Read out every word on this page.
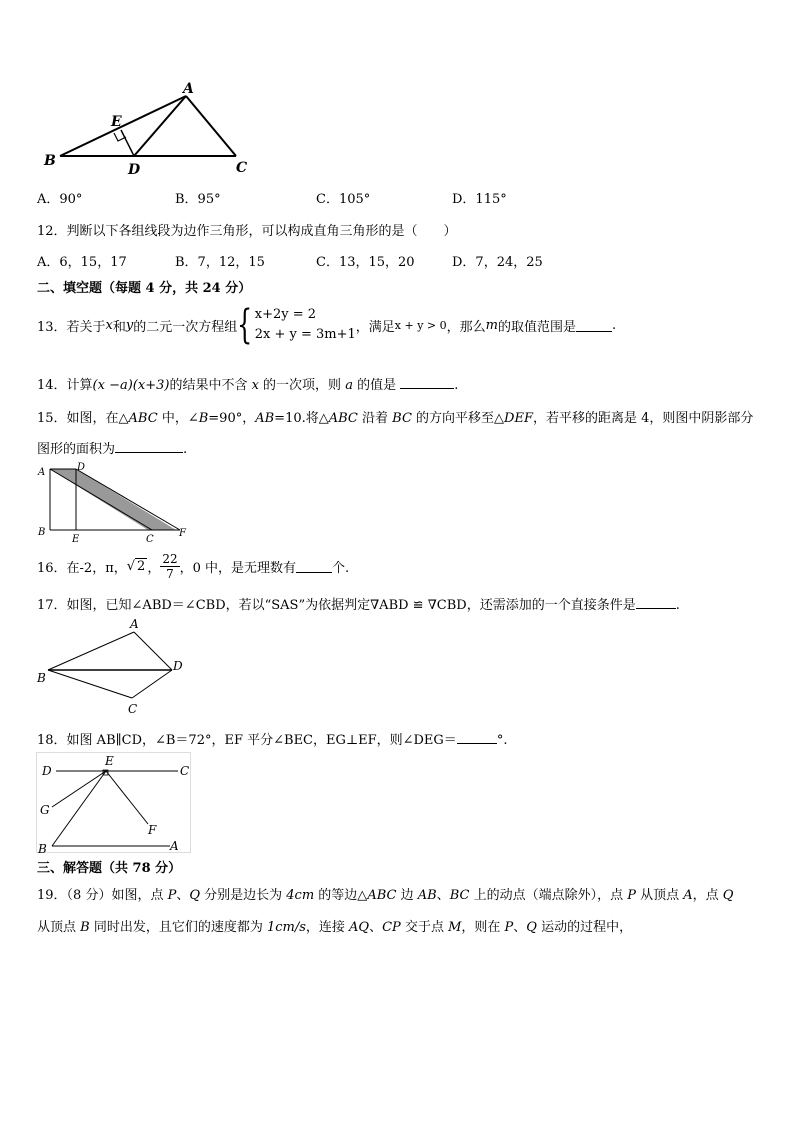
A
B	C
D
E
A．90°	B．95°	C．105°	D．115°
12．判断以下各组线段为边作三角形，可以构成直角三角形的是（　　）
A．6，15，17	B．7，12，15	C．13，15，20	D．7，24，25
二、填空题（每题 4 分，共 24 分）
13．若关于 x 和 y 的二元一次方程组 { x+2y = 2
2x + y = 3m+1 ，满足 x + y > 0 ，那么 m 的取值范围是	.
14．计算(x −a)(x+3)的结果中不含 x 的一次项，则 a 的值是	.
15．如图，在△ABC 中，∠B=90°，AB=10.将△ABC 沿着 BC 的方向平移至△DEF，若平移的距离是 4，则图中阴影部分
图形的面积为	.
A	D
B
E	C
F
16．在-2，π， √ 2 ， $\frac{22}{7}$ ，0 中，是无理数有	个.
17．如图，已知∠ABD＝∠CBD，若以“SAS”为依据判定∇ABD ≌ ∇CBD，还需添加的一个直接条件是	.
A
B
C
D
18．如图 AB∥CD，∠B＝72°，EF 平分∠BEC，EG⊥EF，则∠DEG＝	°.
D
E
C
G
F
B	A
三、解答题（共 78 分）
19．（8 分）如图，点 P、Q 分别是边长为 4cm 的等边△ABC 边 AB、BC 上的动点（端点除外），点 P 从顶点 A，点 Q
从顶点 B 同时出发，且它们的速度都为 1cm/s，连接 AQ、CP 交于点 M，则在 P、Q 运动的过程中，
